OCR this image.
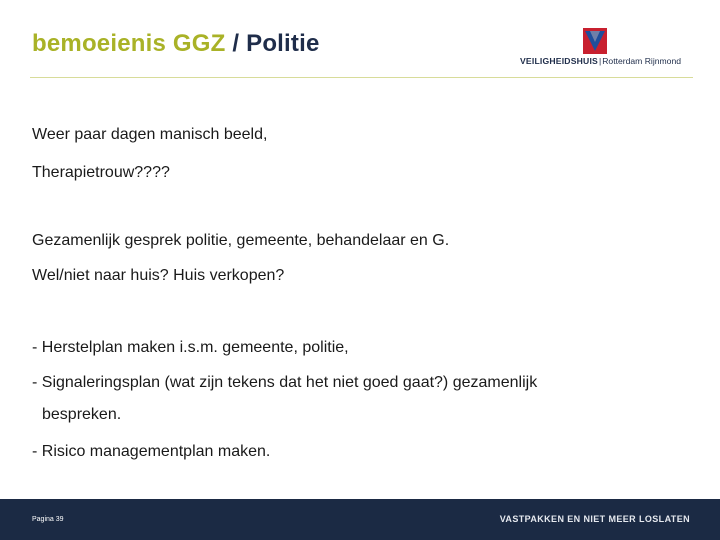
bemoeienis GGZ / Politie
VEILIGHEIDSHUIS|Rotterdam Rijnmond
Weer paar dagen manisch beeld,
Therapietrouw????
Gezamenlijk gesprek politie, gemeente, behandelaar en G.
Wel/niet naar huis? Huis verkopen?
- Herstelplan maken i.s.m. gemeente, politie,
- Signaleringsplan (wat zijn tekens dat het niet goed gaat?) gezamenlijk
bespreken.
- Risico managementplan maken.
Pagina 39	VASTPAKKEN EN NIET MEER LOSLATEN
